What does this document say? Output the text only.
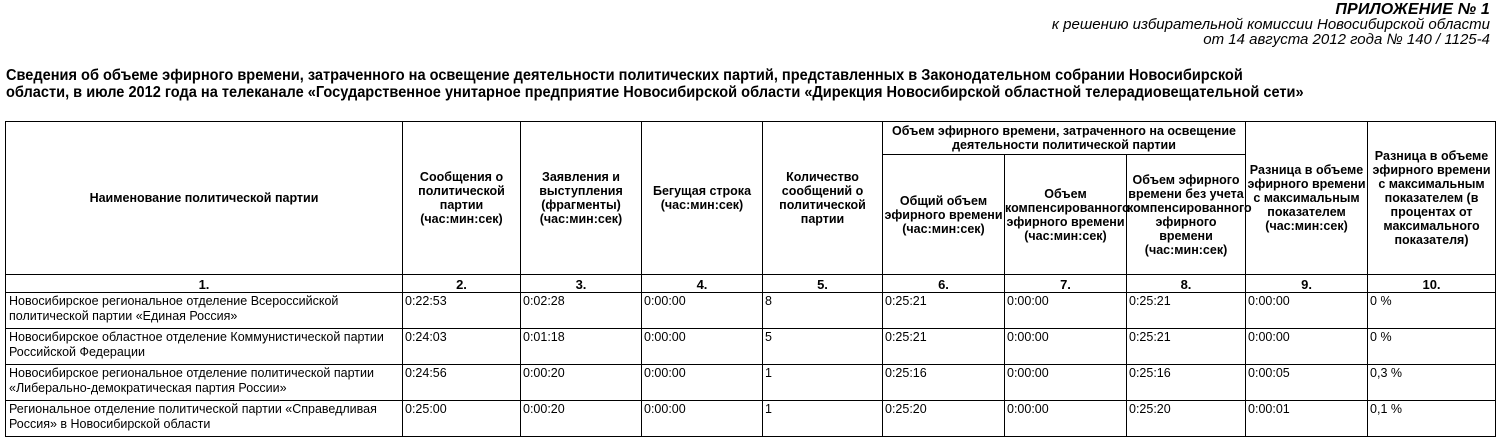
ПРИЛОЖЕНИЕ № 1
к решению избирательной комиссии Новосибирской области
от 14 августа 2012 года № 140 / 1125-4
Сведения об объеме эфирного времени, затраченного на освещение деятельности политических партий, представленных в Законодательном собрании Новосибирской
области, в июле 2012 года на телеканале «Государственное унитарное предприятие Новосибирской области «Дирекция Новосибирской областной телерадиовещательной сети»
Наименование политической партии	Сообщения о политической партии (час:мин:сек)	Заявления и выступления (фрагменты) (час:мин:сек)	Бегущая строка (час:мин:сек)	Количество сообщений о политической партии	Объем эфирного времени, затраченного на освещение деятельности политической партии			Разница в объеме эфирного времени с максимальным показателем (час:мин:сек)	Разница в объеме эфирного времени с максимальным показателем (в процентах от максимального показателя)
					Общий объем эфирного времени (час:мин:сек)	Объем компенсированного эфирного времени (час:мин:сек)	Объем эфирного времени без учета компенсированного эфирного времени (час:мин:сек)		
1.	2.	3.	4.	5.	6.	7.	8.	9.	10.
Новосибирское региональное отделение Всероссийской политической партии «Единая Россия»	0:22:53	0:02:28	0:00:00	8	0:25:21	0:00:00	0:25:21	0:00:00	0 %
Новосибирское областное отделение Коммунистической партии Российской Федерации	0:24:03	0:01:18	0:00:00	5	0:25:21	0:00:00	0:25:21	0:00:00	0 %
Новосибирское региональное отделение политической партии «Либерально-демократическая партия России»	0:24:56	0:00:20	0:00:00	1	0:25:16	0:00:00	0:25:16	0:00:05	0,3 %
Региональное отделение политической партии «Справедливая Россия» в Новосибирской области	0:25:00	0:00:20	0:00:00	1	0:25:20	0:00:00	0:25:20	0:00:01	0,1 %
